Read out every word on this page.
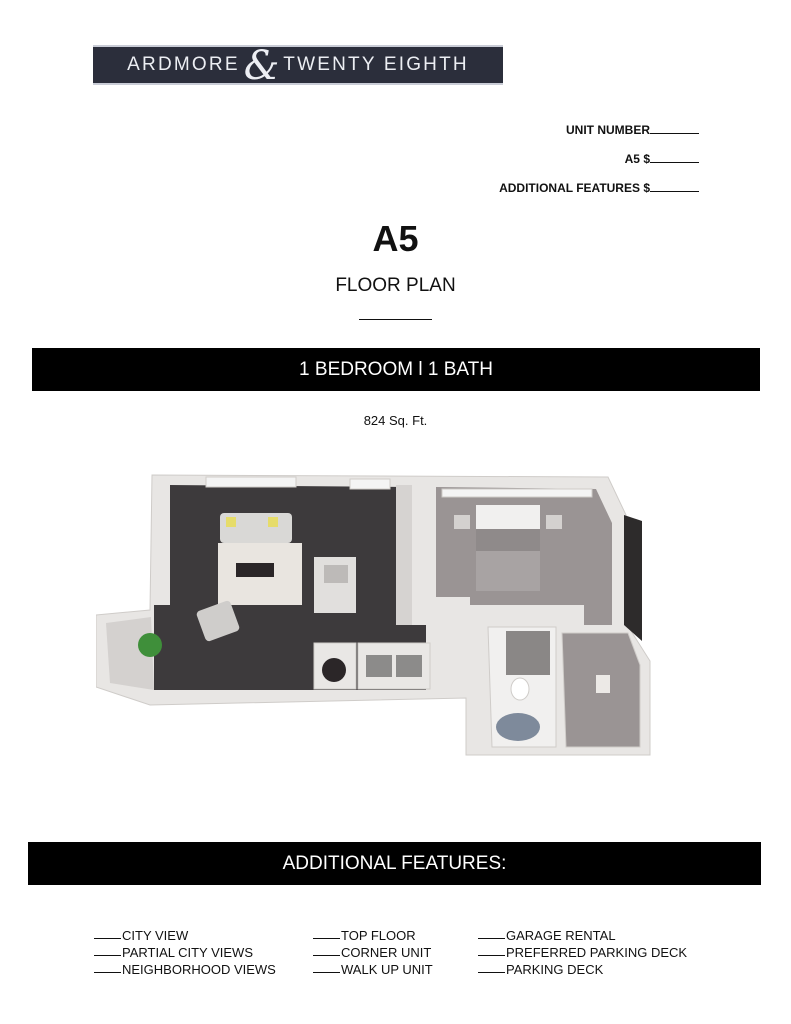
ARDMORE & TWENTY EIGHTH
UNIT NUMBER
A5 $
ADDITIONAL FEATURES $
A5
FLOOR PLAN
1 BEDROOM l 1 BATH
824 Sq. Ft.
ADDITIONAL FEATURES:
CITY VIEW
PARTIAL CITY VIEWS
NEIGHBORHOOD VIEWS
TOP FLOOR
CORNER UNIT
WALK UP UNIT
GARAGE RENTAL
PREFERRED PARKING DECK
PARKING DECK
